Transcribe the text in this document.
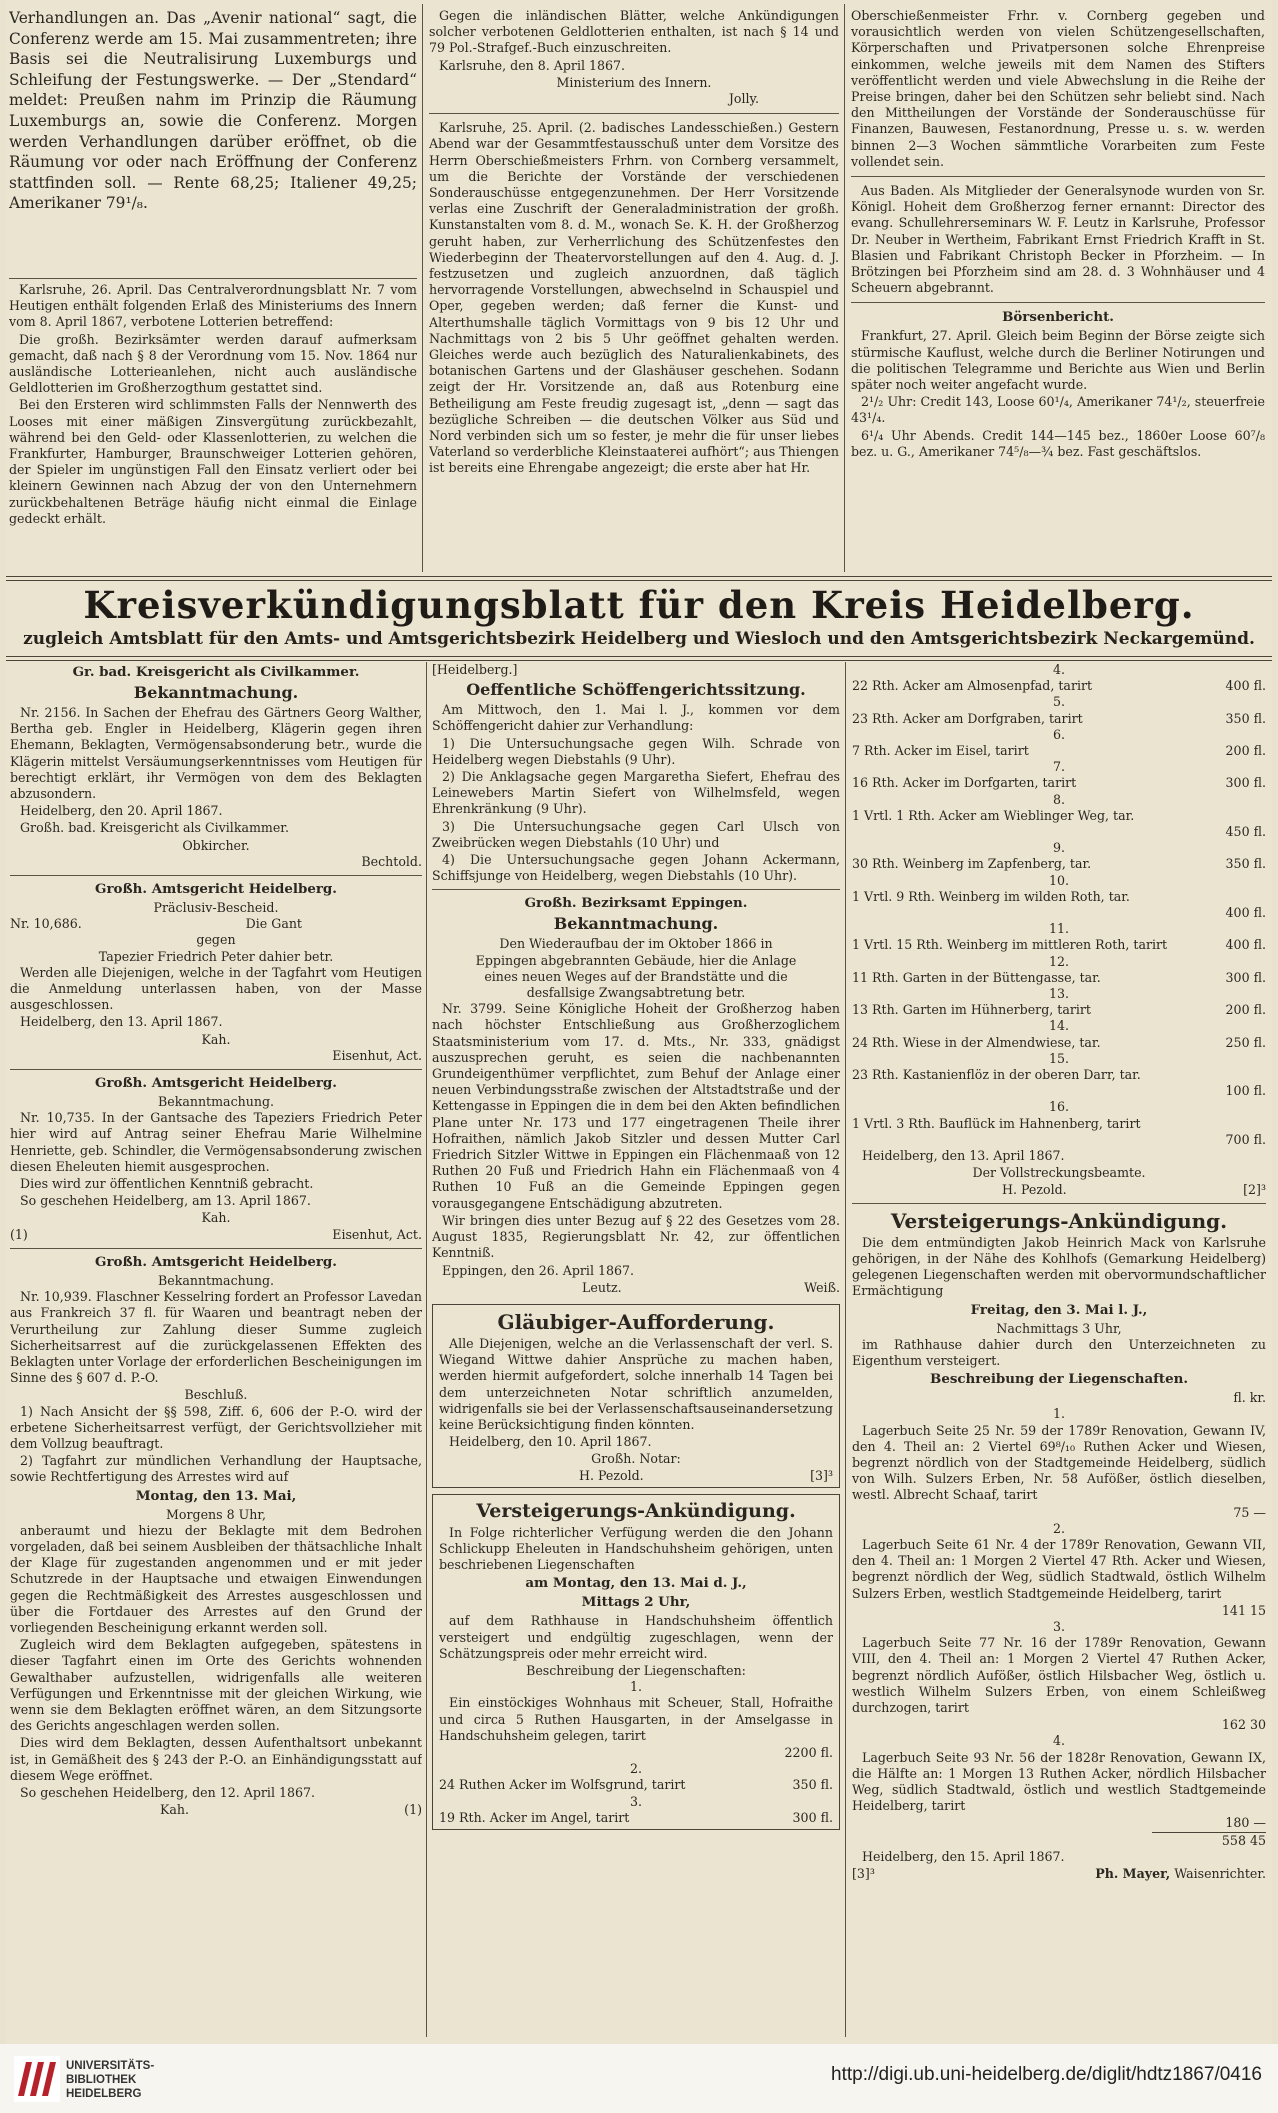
Verhandlungen an. Das „Avenir national“ sagt, die Conferenz werde am 15. Mai zusammentreten; ihre Basis sei die Neutralisirung Luxemburgs und Schleifung der Festungswerke. — Der „Stendard“ meldet: Preußen nahm im Prinzip die Räumung Luxemburgs an, sowie die Conferenz. Morgen werden Verhandlungen darüber eröffnet, ob die Räumung vor oder nach Eröffnung der Conferenz stattfinden soll. — Rente 68,25; Italiener 49,25; Amerikaner 79¹/₈.

Karlsruhe, 26. April. Das Centralverordnungsblatt Nr. 7 vom Heutigen enthält folgenden Erlaß des Ministeriums des Innern vom 8. April 1867, verbotene Lotterien betreffend:

Die großh. Bezirksämter werden darauf aufmerksam gemacht, daß nach § 8 der Verordnung vom 15. Nov. 1864 nur ausländische Lotterieanlehen, nicht auch ausländische Geldlotterien im Großherzogthum gestattet sind.

Bei den Ersteren wird schlimmsten Falls der Nennwerth des Looses mit einer mäßigen Zinsvergütung zurückbezahlt, während bei den Geld- oder Klassenlotterien, zu welchen die Frankfurter, Hamburger, Braunschweiger Lotterien gehören, der Spieler im ungünstigen Fall den Einsatz verliert oder bei kleinern Gewinnen nach Abzug der von den Unternehmern zurückbehaltenen Beträge häufig nicht einmal die Einlage gedeckt erhält.

Gegen die inländischen Blätter, welche Ankündigungen solcher verbotenen Geldlotterien enthalten, ist nach § 14 und 79 Pol.-Strafgef.-Buch einzuschreiten.

Karlsruhe, den 8. April 1867.

Ministerium des Innern.
Jolly.

Karlsruhe, 25. April. (2. badisches Landesschießen.) Gestern Abend war der Gesammtfestausschuß unter dem Vorsitze des Herrn Oberschießmeisters Frhrn. von Cornberg versammelt, um die Berichte der Vorstände der verschiedenen Sonderauschüsse entgegenzunehmen. Der Herr Vorsitzende verlas eine Zuschrift der Generaladministration der großh. Kunstanstalten vom 8. d. M., wonach Se. K. H. der Großherzog geruht haben, zur Verherrlichung des Schützenfestes den Wiederbeginn der Theatervorstellungen auf den 4. Aug. d. J. festzusetzen und zugleich anzuordnen, daß täglich hervorragende Vorstellungen, abwechselnd in Schauspiel und Oper, gegeben werden; daß ferner die Kunst- und Alterthumshalle täglich Vormittags von 9 bis 12 Uhr und Nachmittags von 2 bis 5 Uhr geöffnet gehalten werden. Gleiches werde auch bezüglich des Naturalienkabinets, des botanischen Gartens und der Glashäuser geschehen. Sodann zeigt der Hr. Vorsitzende an, daß aus Rotenburg eine Betheiligung am Feste freudig zugesagt ist, „denn — sagt das bezügliche Schreiben — die deutschen Völker aus Süd und Nord verbinden sich um so fester, je mehr die für unser liebes Vaterland so verderbliche Kleinstaaterei aufhört“; aus Thiengen ist bereits eine Ehrengabe angezeigt; die erste aber hat Hr.

Oberschießenmeister Frhr. v. Cornberg gegeben und vorausichtlich werden von vielen Schützengesellschaften, Körperschaften und Privatpersonen solche Ehrenpreise einkommen, welche jeweils mit dem Namen des Stifters veröffentlicht werden und viele Abwechslung in die Reihe der Preise bringen, daher bei den Schützen sehr beliebt sind. Nach den Mittheilungen der Vorstände der Sonderauschüsse für Finanzen, Bauwesen, Festanordnung, Presse u. s. w. werden binnen 2—3 Wochen sämmtliche Vorarbeiten zum Feste vollendet sein.

Aus Baden. Als Mitglieder der Generalsynode wurden von Sr. Königl. Hoheit dem Großherzog ferner ernannt: Director des evang. Schullehrerseminars W. F. Leutz in Karlsruhe, Professor Dr. Neuber in Wertheim, Fabrikant Ernst Friedrich Krafft in St. Blasien und Fabrikant Christoph Becker in Pforzheim. — In Brötzingen bei Pforzheim sind am 28. d. 3 Wohnhäuser und 4 Scheuern abgebrannt.

Börsenbericht.

Frankfurt, 27. April. Gleich beim Beginn der Börse zeigte sich stürmische Kauflust, welche durch die Berliner Notirungen und die politischen Telegramme und Berichte aus Wien und Berlin später noch weiter angefacht wurde.

2¹/₂ Uhr: Credit 143, Loose 60¹/₄, Amerikaner 74¹/₂, steuerfreie 43¹/₄.

6¹/₄ Uhr Abends. Credit 144—145 bez., 1860er Loose 60⁷/₈ bez. u. G., Amerikaner 74⁵/₈—¾ bez. Fast geschäftslos.

Kreisverkündigungsblatt für den Kreis Heidelberg.
zugleich Amtsblatt für den Amts- und Amtsgerichtsbezirk Heidelberg und Wiesloch und den Amtsgerichtsbezirk Neckargemünd.
Gr. bad. Kreisgericht als Civilkammer.
Bekanntmachung.

Nr. 2156. In Sachen der Ehefrau des Gärtners Georg Walther, Bertha geb. Engler in Heidelberg, Klägerin gegen ihren Ehemann, Beklagten, Vermögensabsonderung betr., wurde die Klägerin mittelst Versäumungserkenntnisses vom Heutigen für berechtigt erklärt, ihr Vermögen von dem des Beklagten abzusondern.

Heidelberg, den 20. April 1867.

Großh. bad. Kreisgericht als Civilkammer.

Obkircher.
Bechtold.
Großh. Amtsgericht Heidelberg.
Präclusiv-Bescheid.
Nr. 10,686.	Die Gant
gegen
Tapezier Friedrich Peter dahier betr.

Werden alle Diejenigen, welche in der Tagfahrt vom Heutigen die Anmeldung unterlassen haben, von der Masse ausgeschlossen.

Heidelberg, den 13. April 1867.

Kah.
Eisenhut, Act.
Großh. Amtsgericht Heidelberg.
Bekanntmachung.

Nr. 10,735. In der Gantsache des Tapeziers Friedrich Peter hier wird auf Antrag seiner Ehefrau Marie Wilhelmine Henriette, geb. Schindler, die Vermögensabsonderung zwischen diesen Eheleuten hiemit ausgesprochen.

Dies wird zur öffentlichen Kenntniß gebracht.

So geschehen Heidelberg, am 13. April 1867.

Kah.
(1)	Eisenhut, Act.
Großh. Amtsgericht Heidelberg.
Bekanntmachung.

Nr. 10,939. Flaschner Kesselring fordert an Professor Lavedan aus Frankreich 37 fl. für Waaren und beantragt neben der Verurtheilung zur Zahlung dieser Summe zugleich Sicherheitsarrest auf die zurückgelassenen Effekten des Beklagten unter Vorlage der erforderlichen Bescheinigungen im Sinne des § 607 d. P.-O.

Beschluß.

1) Nach Ansicht der §§ 598, Ziff. 6, 606 der P.-O. wird der erbetene Sicherheitsarrest verfügt, der Gerichtsvollzieher mit dem Vollzug beauftragt.

2) Tagfahrt zur mündlichen Verhandlung der Hauptsache, sowie Rechtfertigung des Arrestes wird auf

Montag, den 13. Mai,
Morgens 8 Uhr,

anberaumt und hiezu der Beklagte mit dem Bedrohen vorgeladen, daß bei seinem Ausbleiben der thätsachliche Inhalt der Klage für zugestanden angenommen und er mit jeder Schutzrede in der Hauptsache und etwaigen Einwendungen gegen die Rechtmäßigkeit des Arrestes ausgeschlossen und über die Fortdauer des Arrestes auf den Grund der vorliegenden Bescheinigung erkannt werden soll.

Zugleich wird dem Beklagten aufgegeben, spätestens in dieser Tagfahrt einen im Orte des Gerichts wohnenden Gewalthaber aufzustellen, widrigenfalls alle weiteren Verfügungen und Erkenntnisse mit der gleichen Wirkung, wie wenn sie dem Beklagten eröffnet wären, an dem Sitzungsorte des Gerichts angeschlagen werden sollen.

Dies wird dem Beklagten, dessen Aufenthaltsort unbekannt ist, in Gemäßheit des § 243 der P.-O. an Einhändigungsstatt auf diesem Wege eröffnet.

So geschehen Heidelberg, den 12. April 1867.

Kah.	(1)
[Heidelberg.]
Oeffentliche Schöffengerichtssitzung.

Am Mittwoch, den 1. Mai l. J., kommen vor dem Schöffengericht dahier zur Verhandlung:

1) Die Untersuchungsache gegen Wilh. Schrade von Heidelberg wegen Diebstahls (9 Uhr).

2) Die Anklagsache gegen Margaretha Siefert, Ehefrau des Leinewebers Martin Siefert von Wilhelmsfeld, wegen Ehrenkränkung (9 Uhr).

3) Die Untersuchungsache gegen Carl Ulsch von Zweibrücken wegen Diebstahls (10 Uhr) und

4) Die Untersuchungsache gegen Johann Ackermann, Schiffsjunge von Heidelberg, wegen Diebstahls (10 Uhr).

Großh. Bezirksamt Eppingen.
Bekanntmachung.
Den Wiederaufbau der im Oktober 1866 in Eppingen abgebrannten Gebäude, hier die Anlage eines neuen Weges auf der Brandstätte und die desfallsige Zwangsabtretung betr.

Nr. 3799. Seine Königliche Hoheit der Großherzog haben nach höchster Entschließung aus Großherzoglichem Staatsministerium vom 17. d. Mts., Nr. 333, gnädigst auszusprechen geruht, es seien die nachbenannten Grundeigenthümer verpflichtet, zum Behuf der Anlage einer neuen Verbindungsstraße zwischen der Altstadtstraße und der Kettengasse in Eppingen die in dem bei den Akten befindlichen Plane unter Nr. 173 und 177 eingetragenen Theile ihrer Hofraithen, nämlich Jakob Sitzler und dessen Mutter Carl Friedrich Sitzler Wittwe in Eppingen ein Flächenmaaß von 12 Ruthen 20 Fuß und Friedrich Hahn ein Flächenmaaß von 4 Ruthen 10 Fuß an die Gemeinde Eppingen gegen vorausgegangene Entschädigung abzutreten.

Wir bringen dies unter Bezug auf § 22 des Gesetzes vom 28. August 1835, Regierungsblatt Nr. 42, zur öffentlichen Kenntniß.

Eppingen, den 26. April 1867.

Leutz.	Weiß.
Gläubiger-Aufforderung.

Alle Diejenigen, welche an die Verlassenschaft der verl. S. Wiegand Wittwe dahier Ansprüche zu machen haben, werden hiermit aufgefordert, solche innerhalb 14 Tagen bei dem unterzeichneten Notar schriftlich anzumelden, widrigenfalls sie bei der Verlassenschaftsauseinandersetzung keine Berücksichtigung finden könnten.

Heidelberg, den 10. April 1867.

Großh. Notar:
H. Pezold.	[3]³
Versteigerungs-Ankündigung.

In Folge richterlicher Verfügung werden die den Johann Schlickupp Eheleuten in Handschuhsheim gehörigen, unten beschriebenen Liegenschaften

am Montag, den 13. Mai d. J.,
Mittags 2 Uhr,

auf dem Rathhause in Handschuhsheim öffentlich versteigert und endgültig zugeschlagen, wenn der Schätzungspreis oder mehr erreicht wird.

Beschreibung der Liegenschaften:
1.

Ein einstöckiges Wohnhaus mit Scheuer, Stall, Hofraithe und circa 5 Ruthen Hausgarten, in der Amselgasse in Handschuhsheim gelegen, tarirt

2200 fl.
2.
24 Ruthen Acker im Wolfsgrund, tarirt	350 fl.
3.
19 Rth. Acker im Angel, tarirt	300 fl.
4.
22 Rth. Acker am Almosenpfad, tarirt	400 fl.
5.
23 Rth. Acker am Dorfgraben, tarirt	350 fl.
6.
7 Rth. Acker im Eisel, tarirt	200 fl.
7.
16 Rth. Acker im Dorfgarten, tarirt	300 fl.
8.
1 Vrtl. 1 Rth. Acker am Wieblinger Weg, tar.
450 fl.
9.
30 Rth. Weinberg im Zapfenberg, tar.	350 fl.
10.
1 Vrtl. 9 Rth. Weinberg im wilden Roth, tar.
400 fl.
11.
1 Vrtl. 15 Rth. Weinberg im mittleren Roth, tarirt	400 fl.
12.
11 Rth. Garten in der Büttengasse, tar.	300 fl.
13.
13 Rth. Garten im Hühnerberg, tarirt	200 fl.
14.
24 Rth. Wiese in der Almendwiese, tar.	250 fl.
15.
23 Rth. Kastanienflöz in der oberen Darr, tar.
100 fl.
16.
1 Vrtl. 3 Rth. Bauflück im Hahnenberg, tarirt
700 fl.

Heidelberg, den 13. April 1867.

Der Vollstreckungsbeamte.
H. Pezold.	[2]³
Versteigerungs-Ankündigung.

Die dem entmündigten Jakob Heinrich Mack von Karlsruhe gehörigen, in der Nähe des Kohlhofs (Gemarkung Heidelberg) gelegenen Liegenschaften werden mit obervormundschaftlicher Ermächtigung

Freitag, den 3. Mai l. J.,
Nachmittags 3 Uhr,

im Rathhause dahier durch den Unterzeichneten zu Eigenthum versteigert.

Beschreibung der Liegenschaften.
fl. kr.
1.

Lagerbuch Seite 25 Nr. 59 der 1789r Renovation, Gewann IV, den 4. Theil an: 2 Viertel 69⁸/₁₀ Ruthen Acker und Wiesen, begrenzt nördlich von der Stadtgemeinde Heidelberg, südlich von Wilh. Sulzers Erben, Nr. 58 Aufößer, östlich dieselben, westl. Albrecht Schaaf, tarirt

75 —
2.

Lagerbuch Seite 61 Nr. 4 der 1789r Renovation, Gewann VII, den 4. Theil an: 1 Morgen 2 Viertel 47 Rth. Acker und Wiesen, begrenzt nördlich der Weg, südlich Stadtwald, östlich Wilhelm Sulzers Erben, westlich Stadtgemeinde Heidelberg, tarirt

141 15
3.

Lagerbuch Seite 77 Nr. 16 der 1789r Renovation, Gewann VIII, den 4. Theil an: 1 Morgen 2 Viertel 47 Ruthen Acker, begrenzt nördlich Aufößer, östlich Hilsbacher Weg, östlich u. westlich Wilhelm Sulzers Erben, von einem Schleißweg durchzogen, tarirt

162 30
4.

Lagerbuch Seite 93 Nr. 56 der 1828r Renovation, Gewann IX, die Hälfte an: 1 Morgen 13 Ruthen Acker, nördlich Hilsbacher Weg, südlich Stadtwald, östlich und westlich Stadtgemeinde Heidelberg, tarirt

180 —
558 45

Heidelberg, den 15. April 1867.

[3]³	Ph. Mayer, Waisenrichter.
UNIVERSITÄTS-
BIBLIOTHEK
HEIDELBERG
http://digi.ub.uni-heidelberg.de/diglit/hdtz1867/0416
